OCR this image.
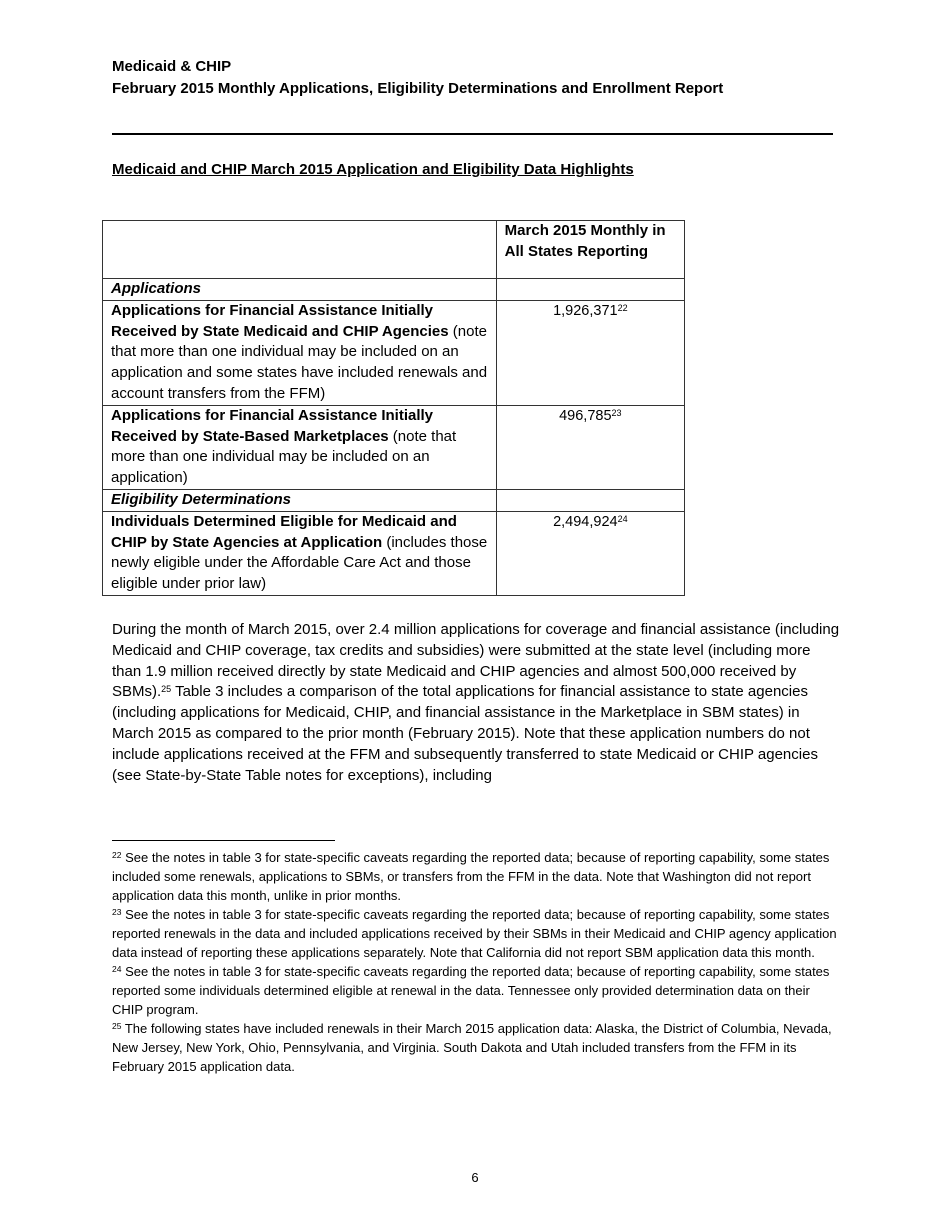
Medicaid & CHIP
February 2015 Monthly Applications, Eligibility Determinations and Enrollment Report
Medicaid and CHIP March 2015 Application and Eligibility Data Highlights
	March 2015 Monthly in All States Reporting
Applications	
Applications for Financial Assistance Initially Received by State Medicaid and CHIP Agencies (note that more than one individual may be included on an application and some states have included renewals and account transfers from the FFM)	1,926,371$^{22}$
Applications for Financial Assistance Initially Received by State-Based Marketplaces (note that more than one individual may be included on an application)	496,785$^{23}$
Eligibility Determinations	
Individuals Determined Eligible for Medicaid and CHIP by State Agencies at Application (includes those newly eligible under the Affordable Care Act and those eligible under prior law)	2,494,924$^{24}$
During the month of March 2015, over 2.4 million applications for coverage and financial assistance (including Medicaid and CHIP coverage, tax credits and subsidies) were submitted at the state level (including more than 1.9 million received directly by state Medicaid and CHIP agencies and almost 500,000 received by SBMs).$^{25}$ Table 3 includes a comparison of the total applications for financial assistance to state agencies (including applications for Medicaid, CHIP, and financial assistance in the Marketplace in SBM states) in March 2015 as compared to the prior month (February 2015). Note that these application numbers do not include applications received at the FFM and subsequently transferred to state Medicaid or CHIP agencies (see State-by-State Table notes for exceptions), including

$^{22}$ See the notes in table 3 for state-specific caveats regarding the reported data; because of reporting capability, some states included some renewals, applications to SBMs, or transfers from the FFM in the data. Note that Washington did not report application data this month, unlike in prior months.

$^{23}$ See the notes in table 3 for state-specific caveats regarding the reported data; because of reporting capability, some states reported renewals in the data and included applications received by their SBMs in their Medicaid and CHIP agency application data instead of reporting these applications separately. Note that California did not report SBM application data this month.

$^{24}$ See the notes in table 3 for state-specific caveats regarding the reported data; because of reporting capability, some states reported some individuals determined eligible at renewal in the data. Tennessee only provided determination data on their CHIP program.

$^{25}$ The following states have included renewals in their March 2015 application data: Alaska, the District of Columbia, Nevada, New Jersey, New York, Ohio, Pennsylvania, and Virginia. South Dakota and Utah included transfers from the FFM in its February 2015 application data.

6
